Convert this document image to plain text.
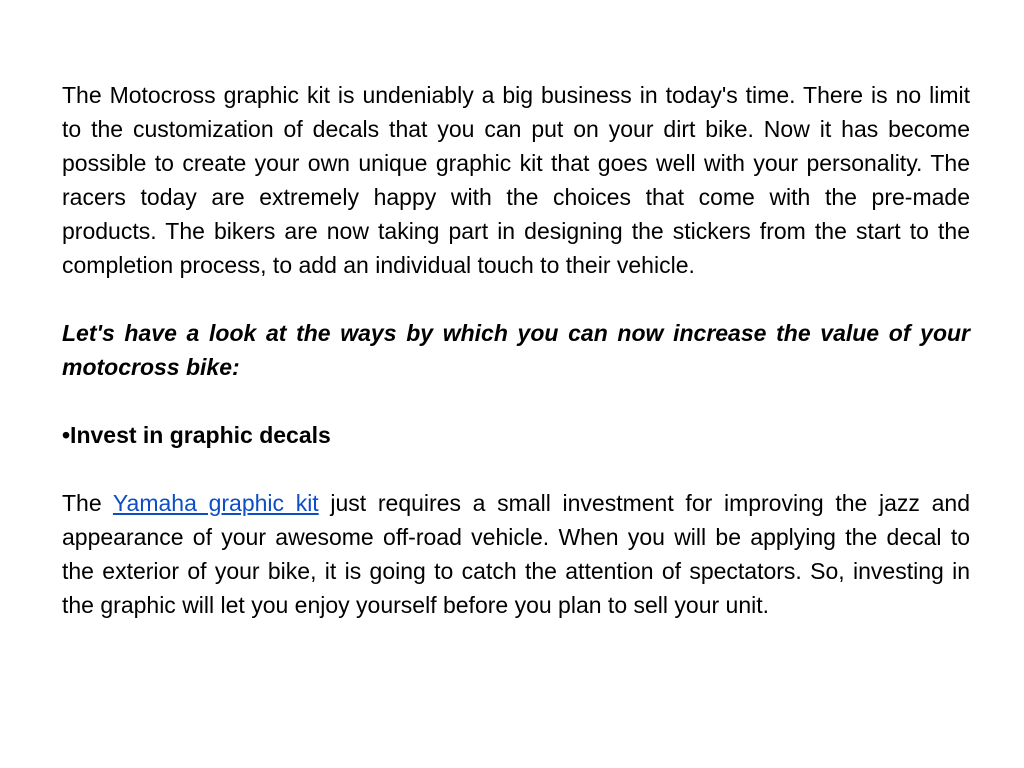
The Motocross graphic kit is undeniably a big business in today's time. There is no limit to the customization of decals that you can put on your dirt bike. Now it has become possible to create your own unique graphic kit that goes well with your personality. The racers today are extremely happy with the choices that come with the pre-made products. The bikers are now taking part in designing the stickers from the start to the completion process, to add an individual touch to their vehicle.

Let's have a look at the ways by which you can now increase the value of your motocross bike:

•Invest in graphic decals

The Yamaha graphic kit just requires a small investment for improving the jazz and appearance of your awesome off-road vehicle. When you will be applying the decal to the exterior of your bike, it is going to catch the attention of spectators. So, investing in the graphic will let you enjoy yourself before you plan to sell your unit.
